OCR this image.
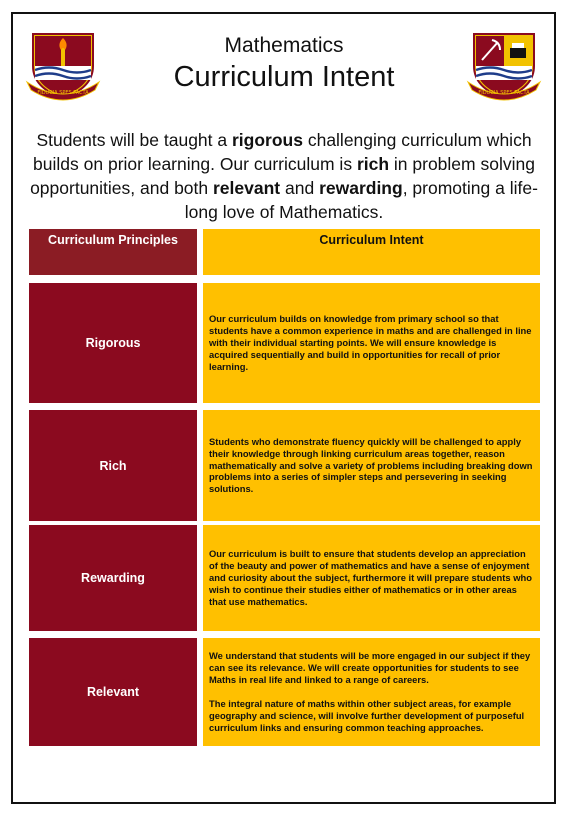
FIDUCIA SPES FACTA	FIDUCIA SPES FACTA
Mathematics
Curriculum Intent
Students will be taught a rigorous challenging curriculum which builds on prior learning. Our curriculum is rich in problem solving opportunities, and both relevant and rewarding, promoting a life-long love of Mathematics.
Curriculum Principles	Curriculum Intent
Rigorous
Our curriculum builds on knowledge from primary school so that students have a common experience in maths and are challenged in line with their individual starting points. We will ensure knowledge is acquired sequentially and build in opportunities for recall of prior learning.
Rich
Students who demonstrate fluency quickly will be challenged to apply their knowledge through linking curriculum areas together, reason mathematically and solve a variety of problems including breaking down problems into a series of simpler steps and persevering in seeking solutions.
Rewarding
Our curriculum is built to ensure that students develop an appreciation of the beauty and power of mathematics and have a sense of enjoyment and curiosity about the subject, furthermore it will prepare students who wish to continue their studies either of mathematics or in other areas that use mathematics.
Relevant
We understand that students will be more engaged in our subject if they can see its relevance. We will create opportunities for students to see Maths in real life and linked to a range of careers.

The integral nature of maths within other subject areas, for example geography and science, will involve further development of purposeful curriculum links and ensuring common teaching approaches.
